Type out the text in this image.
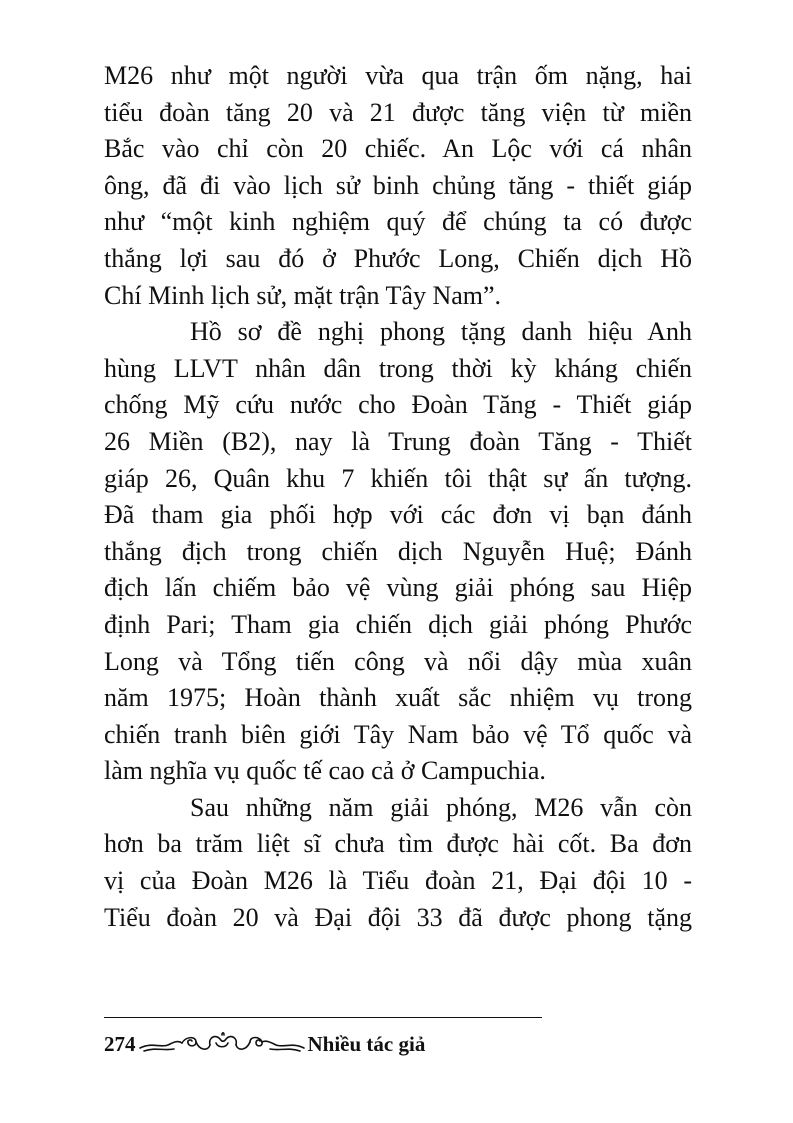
M26 như một người vừa qua trận ốm nặng, hai
tiểu đoàn tăng 20 và 21 được tăng viện từ miền
Bắc vào chỉ còn 20 chiếc. An Lộc với cá nhân
ông, đã đi vào lịch sử binh chủng tăng - thiết giáp
như “một kinh nghiệm quý để chúng ta có được
thắng lợi sau đó ở Phước Long, Chiến dịch Hồ
Chí Minh lịch sử, mặt trận Tây Nam”.
Hồ sơ đề nghị phong tặng danh hiệu Anh
hùng LLVT nhân dân trong thời kỳ kháng chiến
chống Mỹ cứu nước cho Đoàn Tăng - Thiết giáp
26 Miền (B2), nay là Trung đoàn Tăng - Thiết
giáp 26, Quân khu 7 khiến tôi thật sự ấn tượng.
Đã tham gia phối hợp với các đơn vị bạn đánh
thắng địch trong chiến dịch Nguyễn Huệ; Đánh
địch lấn chiếm bảo vệ vùng giải phóng sau Hiệp
định Pari; Tham gia chiến dịch giải phóng Phước
Long và Tổng tiến công và nổi dậy mùa xuân
năm 1975; Hoàn thành xuất sắc nhiệm vụ trong
chiến tranh biên giới Tây Nam bảo vệ Tổ quốc và
làm nghĩa vụ quốc tế cao cả ở Campuchia.
Sau những năm giải phóng, M26 vẫn còn
hơn ba trăm liệt sĩ chưa tìm được hài cốt. Ba đơn
vị của Đoàn M26 là Tiểu đoàn 21, Đại đội 10 -
Tiểu đoàn 20 và Đại đội 33 đã được phong tặng
274	Nhiều tác giả
